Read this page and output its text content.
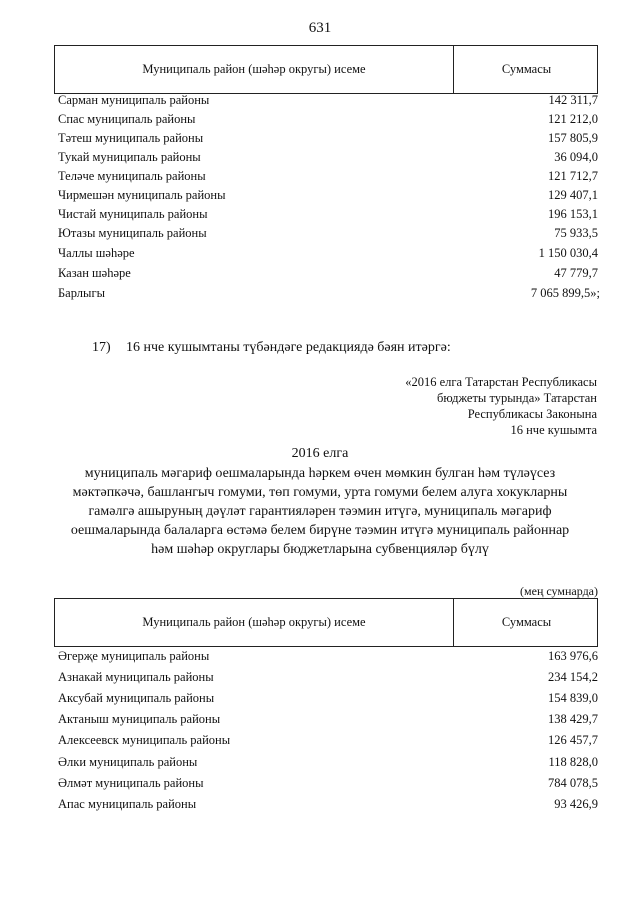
631
Муниципаль район (шәһәр округы) исеме	Суммасы
Сарман муниципаль районы	142 311,7
Спас муниципаль районы	121 212,0
Тәтеш муниципаль районы	157 805,9
Тукай муниципаль районы	36 094,0
Теләче муниципаль районы	121 712,7
Чирмешән муниципаль районы	129 407,1
Чистай муниципаль районы	196 153,1
Ютазы муниципаль районы	75 933,5
Чаллы шәһәре	1 150 030,4
Казан шәһәре	47 779,7
Барлыгы	7 065 899,5»;
17) 16 нче кушымтаны түбәндәге редакциядә бәян итәргә:
«2016 елга Татарстан Республикасы
бюджеты турында» Татарстан
Республикасы Законына
16 нче кушымта
2016 елга
муниципаль мәгариф оешмаларында һәркем өчен мөмкин булган һәм түләүсез
мәктәпкәчә, башлангыч гомуми, төп гомуми, урта гомуми белем алуга хокукларны
гамәлгә ашыруның дәүләт гарантияләрен тәэмин итүгә, муниципаль мәгариф
оешмаларында балаларга өстәмә белем бирүне тәэмин итүгә муниципаль районнар
һәм шәһәр округлары бюджетларына субвенцияләр бүлү
(мең сумнарда)
Муниципаль район (шәһәр округы) исеме	Суммасы
Әгерҗе муниципаль районы	163 976,6
Азнакай муниципаль районы	234 154,2
Аксубай муниципаль районы	154 839,0
Актаныш муниципаль районы	138 429,7
Алексеевск муниципаль районы	126 457,7
Әлки муниципаль районы	118 828,0
Әлмәт муниципаль районы	784 078,5
Апас муниципаль районы	93 426,9
